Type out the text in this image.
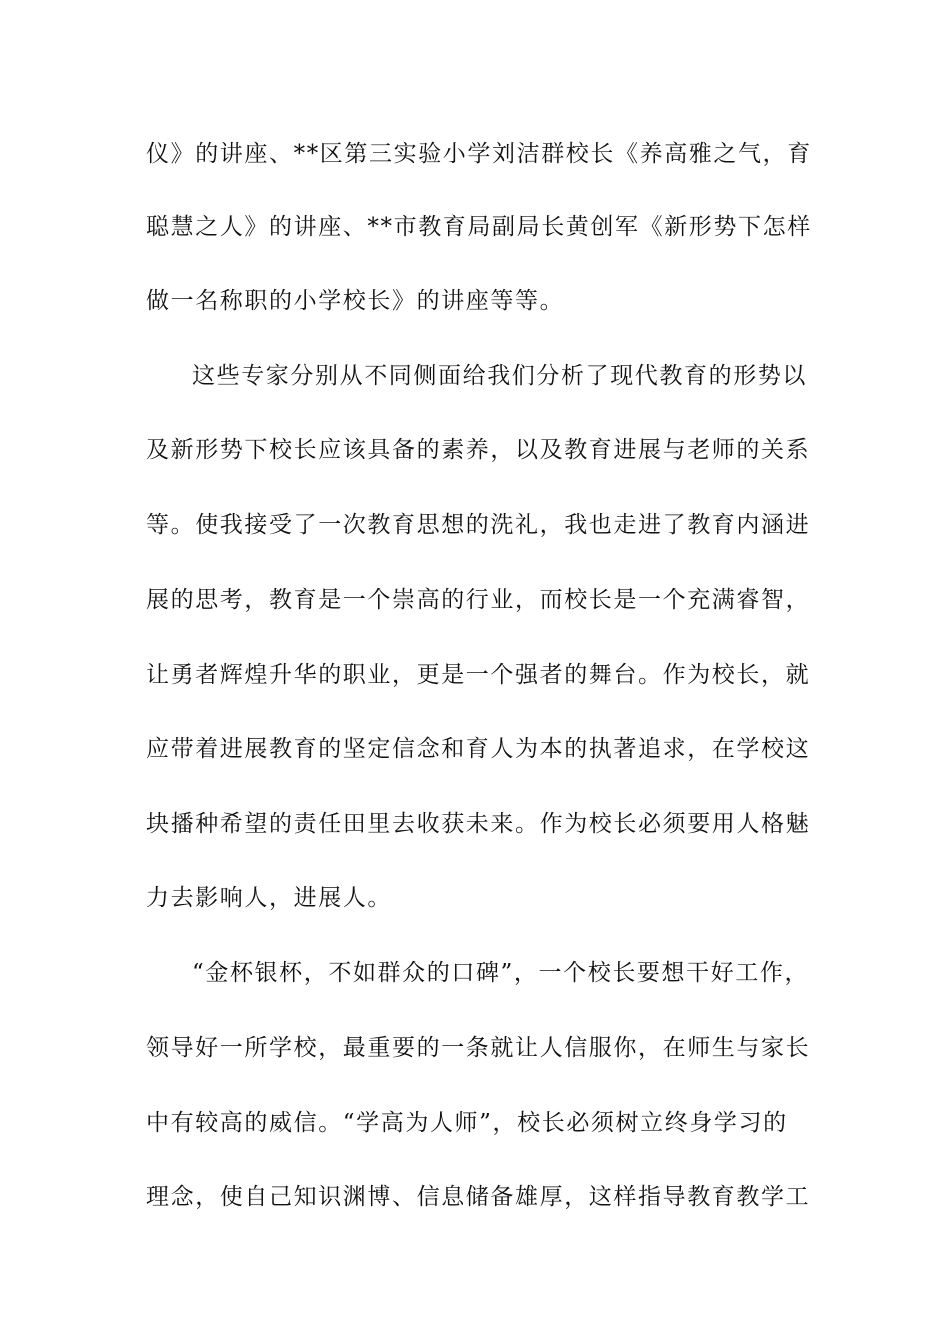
仪》的讲座、**区第三实验小学刘洁群校长《养高雅之气，育
聪慧之人》的讲座、**市教育局副局长黄创军《新形势下怎样
做一名称职的小学校长》的讲座等等。
这些专家分别从不同侧面给我们分析了现代教育的形势以
及新形势下校长应该具备的素养，以及教育进展与老师的关系
等。使我接受了一次教育思想的洗礼，我也走进了教育内涵进
展的思考，教育是一个崇高的行业，而校长是一个充满睿智，
让勇者辉煌升华的职业，更是一个强者的舞台。作为校长，就
应带着进展教育的坚定信念和育人为本的执著追求，在学校这
块播种希望的责任田里去收获未来。作为校长必须要用人格魅
力去影响人，进展人。
“金杯银杯，不如群众的口碑”，一个校长要想干好工作，
领导好一所学校，最重要的一条就让人信服你，在师生与家长
中有较高的威信。“学高为人师”，校长必须树立终身学习的
理念，使自己知识渊博、信息储备雄厚，这样指导教育教学工
